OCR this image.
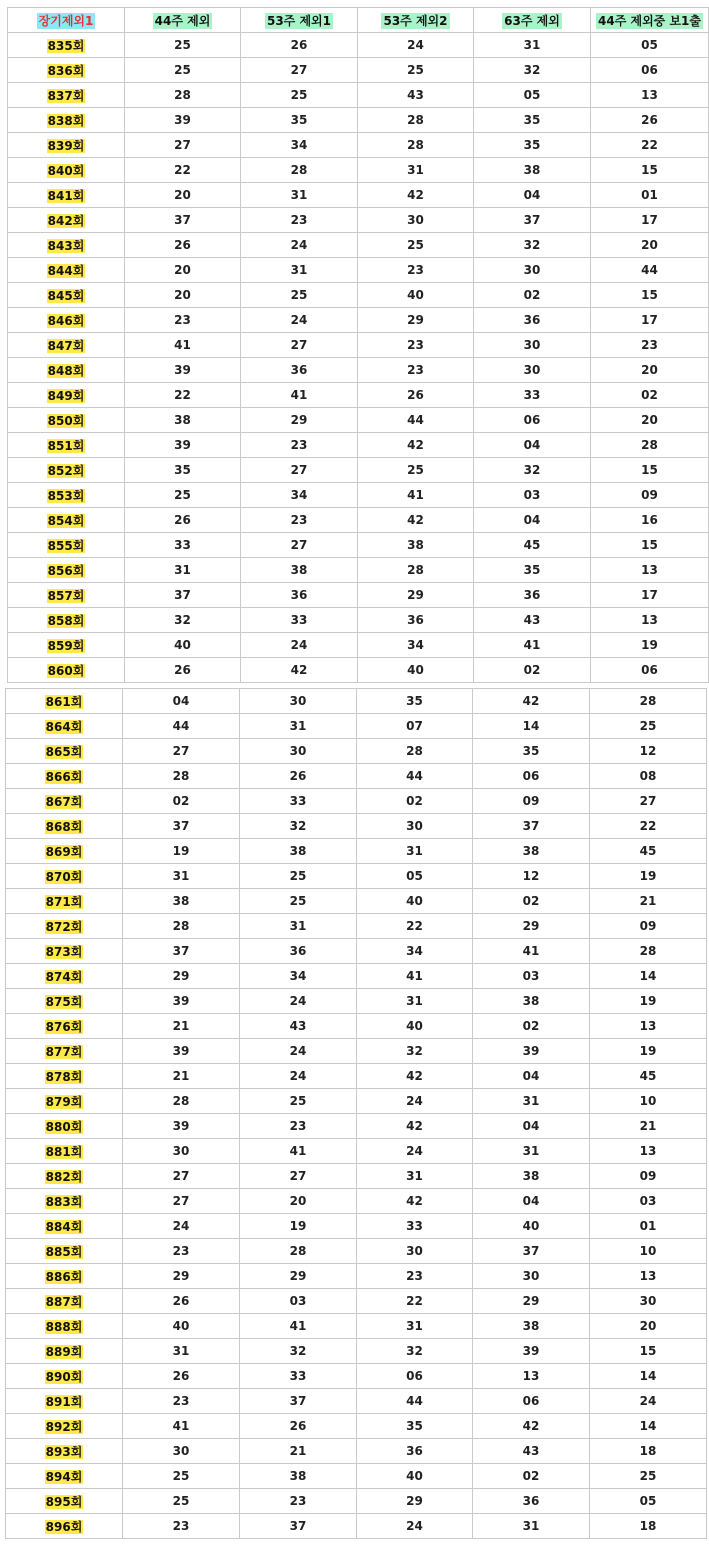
장기제외1	44주 제외	53주 제외1	53주 제외2	63주 제외	44주 제외중 보1출
835회	25	26	24	31	05
836회	25	27	25	32	06
837회	28	25	43	05	13
838회	39	35	28	35	26
839회	27	34	28	35	22
840회	22	28	31	38	15
841회	20	31	42	04	01
842회	37	23	30	37	17
843회	26	24	25	32	20
844회	20	31	23	30	44
845회	20	25	40	02	15
846회	23	24	29	36	17
847회	41	27	23	30	23
848회	39	36	23	30	20
849회	22	41	26	33	02
850회	38	29	44	06	20
851회	39	23	42	04	28
852회	35	27	25	32	15
853회	25	34	41	03	09
854회	26	23	42	04	16
855회	33	27	38	45	15
856회	31	38	28	35	13
857회	37	36	29	36	17
858회	32	33	36	43	13
859회	40	24	34	41	19
860회	26	42	40	02	06
861회	04	30	35	42	28
864회	44	31	07	14	25
865회	27	30	28	35	12
866회	28	26	44	06	08
867회	02	33	02	09	27
868회	37	32	30	37	22
869회	19	38	31	38	45
870회	31	25	05	12	19
871회	38	25	40	02	21
872회	28	31	22	29	09
873회	37	36	34	41	28
874회	29	34	41	03	14
875회	39	24	31	38	19
876회	21	43	40	02	13
877회	39	24	32	39	19
878회	21	24	42	04	45
879회	28	25	24	31	10
880회	39	23	42	04	21
881회	30	41	24	31	13
882회	27	27	31	38	09
883회	27	20	42	04	03
884회	24	19	33	40	01
885회	23	28	30	37	10
886회	29	29	23	30	13
887회	26	03	22	29	30
888회	40	41	31	38	20
889회	31	32	32	39	15
890회	26	33	06	13	14
891회	23	37	44	06	24
892회	41	26	35	42	14
893회	30	21	36	43	18
894회	25	38	40	02	25
895회	25	23	29	36	05
896회	23	37	24	31	18
